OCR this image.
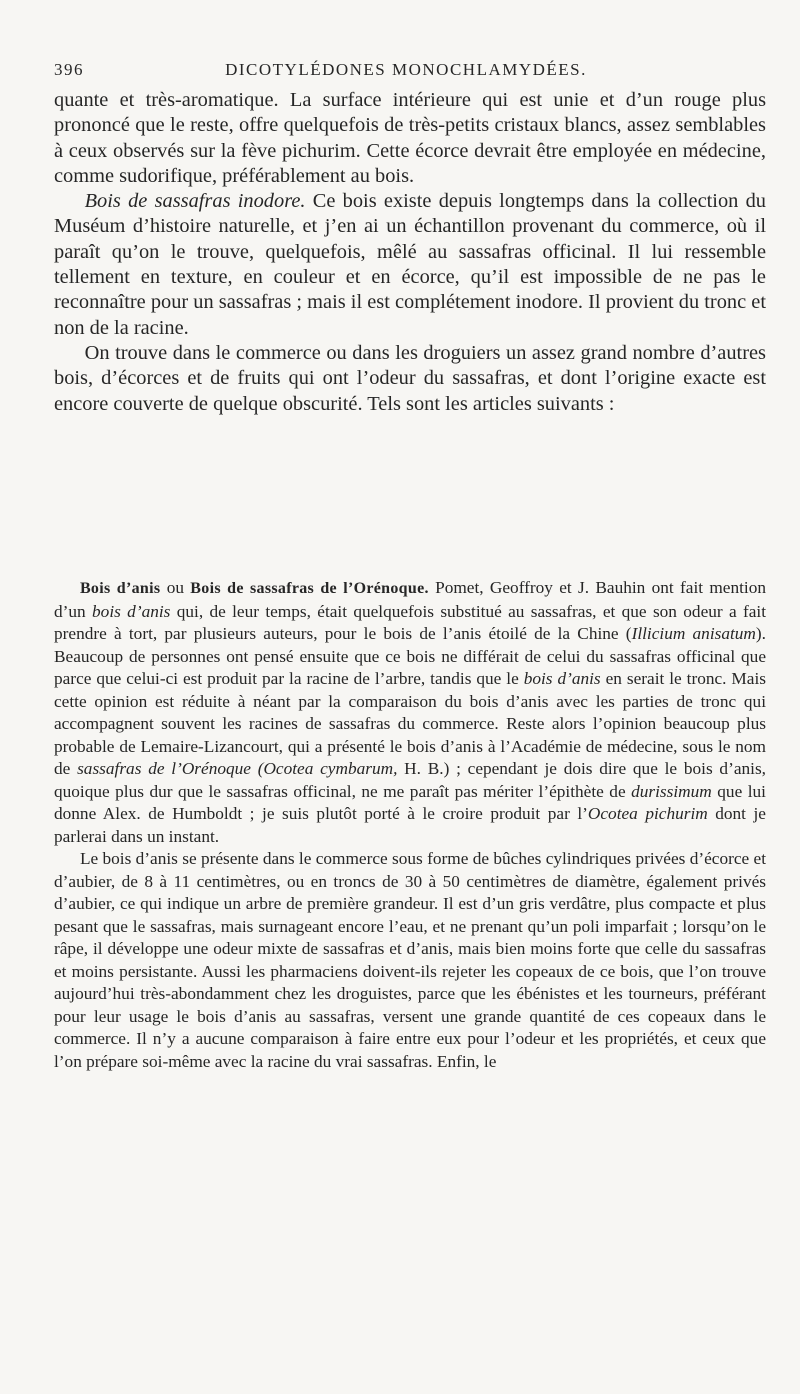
396	DICOTYLÉDONES MONOCHLAMYDÉES.

quante et très-aromatique. La surface intérieure qui est unie et d’un rouge plus prononcé que le reste, offre quelquefois de très-petits cristaux blancs, assez semblables à ceux observés sur la fève pichurim. Cette écorce devrait être employée en médecine, comme sudorifique, préférablement au bois.

Bois de sassafras inodore. Ce bois existe depuis longtemps dans la collection du Muséum d’histoire naturelle, et j’en ai un échantillon provenant du commerce, où il paraît qu’on le trouve, quelquefois, mêlé au sassafras officinal. Il lui ressemble tellement en texture, en couleur et en écorce, qu’il est impossible de ne pas le reconnaître pour un sassafras ; mais il est complétement inodore. Il provient du tronc et non de la racine.

On trouve dans le commerce ou dans les droguiers un assez grand nombre d’autres bois, d’écorces et de fruits qui ont l’odeur du sassafras, et dont l’origine exacte est encore couverte de quelque obscurité. Tels sont les articles suivants :

Bois d’anis ou Bois de sassafras de l’Orénoque. Pomet, Geoffroy et J. Bauhin ont fait mention d’un bois d’anis qui, de leur temps, était quelquefois substitué au sassafras, et que son odeur a fait prendre à tort, par plusieurs auteurs, pour le bois de l’anis étoilé de la Chine (Illicium anisatum). Beaucoup de personnes ont pensé ensuite que ce bois ne différait de celui du sassafras officinal que parce que celui-ci est produit par la racine de l’arbre, tandis que le bois d’anis en serait le tronc. Mais cette opinion est réduite à néant par la comparaison du bois d’anis avec les parties de tronc qui accompagnent souvent les racines de sassafras du commerce. Reste alors l’opinion beaucoup plus probable de Lemaire-Lizancourt, qui a présenté le bois d’anis à l’Académie de médecine, sous le nom de sassafras de l’Orénoque (Ocotea cymbarum, H. B.) ; cependant je dois dire que le bois d’anis, quoique plus dur que le sassafras officinal, ne me paraît pas mériter l’épithète de durissimum que lui donne Alex. de Humboldt ; je suis plutôt porté à le croire produit par l’Ocotea pichurim dont je parlerai dans un instant.

Le bois d’anis se présente dans le commerce sous forme de bûches cylindriques privées d’écorce et d’aubier, de 8 à 11 centimètres, ou en troncs de 30 à 50 centimètres de diamètre, également privés d’aubier, ce qui indique un arbre de première grandeur. Il est d’un gris verdâtre, plus compacte et plus pesant que le sassafras, mais surnageant encore l’eau, et ne prenant qu’un poli imparfait ; lorsqu’on le râpe, il développe une odeur mixte de sassafras et d’anis, mais bien moins forte que celle du sassafras et moins persistante. Aussi les pharmaciens doivent-ils rejeter les copeaux de ce bois, que l’on trouve aujourd’hui très-abondamment chez les droguistes, parce que les ébénistes et les tourneurs, préférant pour leur usage le bois d’anis au sassafras, versent une grande quantité de ces copeaux dans le commerce. Il n’y a aucune comparaison à faire entre eux pour l’odeur et les propriétés, et ceux que l’on prépare soi-même avec la racine du vrai sassafras. Enfin, le
